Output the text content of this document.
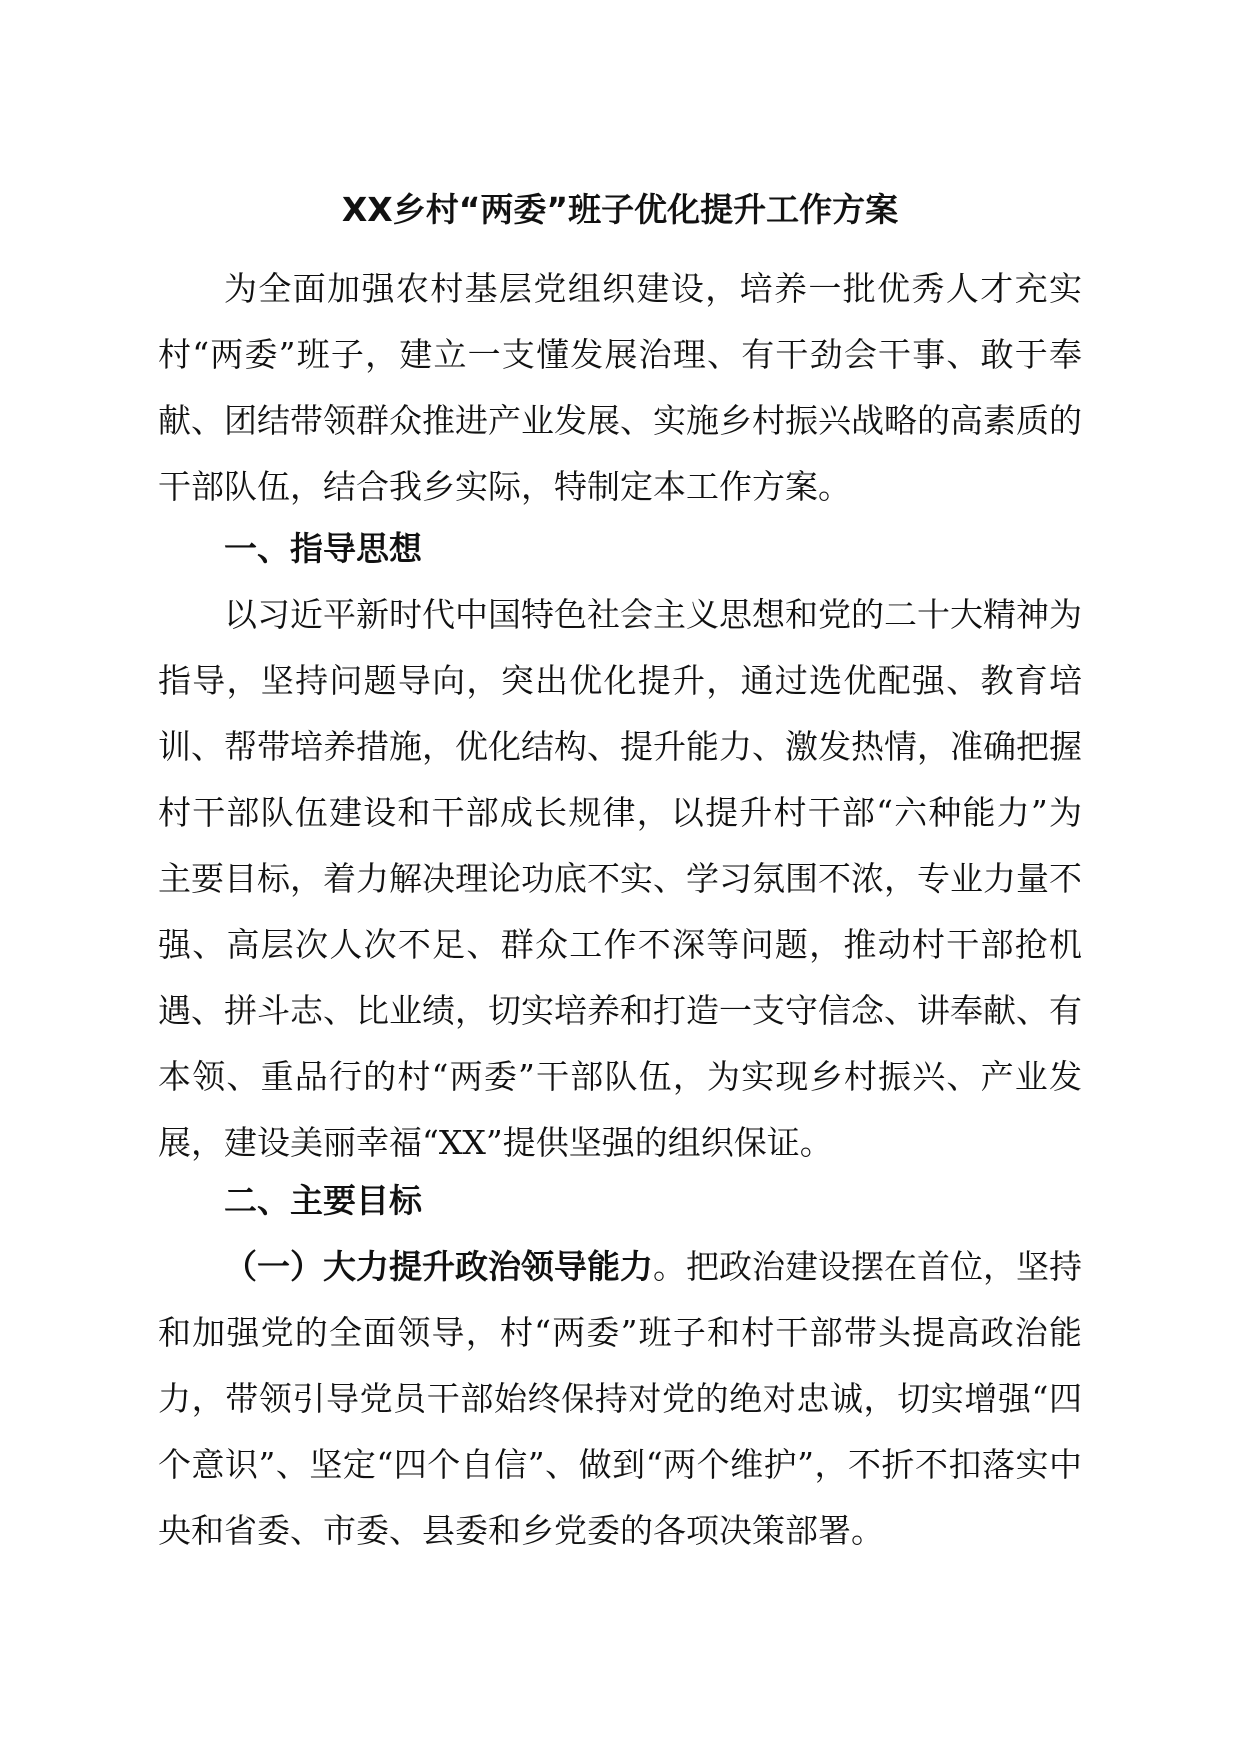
XX乡村“两委”班子优化提升工作方案

为全面加强农村基层党组织建设，培养一批优秀人才充实村“两委”班子，建立一支懂发展治理、有干劲会干事、敢于奉献、团结带领群众推进产业发展、实施乡村振兴战略的高素质的干部队伍，结合我乡实际，特制定本工作方案。

一、指导思想

以习近平新时代中国特色社会主义思想和党的二十大精神为指导，坚持问题导向，突出优化提升，通过选优配强、教育培训、帮带培养措施，优化结构、提升能力、激发热情，准确把握村干部队伍建设和干部成长规律，以提升村干部“六种能力”为主要目标，着力解决理论功底不实、学习氛围不浓，专业力量不强、高层次人次不足、群众工作不深等问题，推动村干部抢机遇、拼斗志、比业绩，切实培养和打造一支守信念、讲奉献、有本领、重品行的村“两委”干部队伍，为实现乡村振兴、产业发展，建设美丽幸福“XX”提供坚强的组织保证。

二、主要目标

（一）大力提升政治领导能力。把政治建设摆在首位，坚持和加强党的全面领导，村“两委”班子和村干部带头提高政治能力，带领引导党员干部始终保持对党的绝对忠诚，切实增强“四个意识”、坚定“四个自信”、做到“两个维护”，不折不扣落实中央和省委、市委、县委和乡党委的各项决策部署。
